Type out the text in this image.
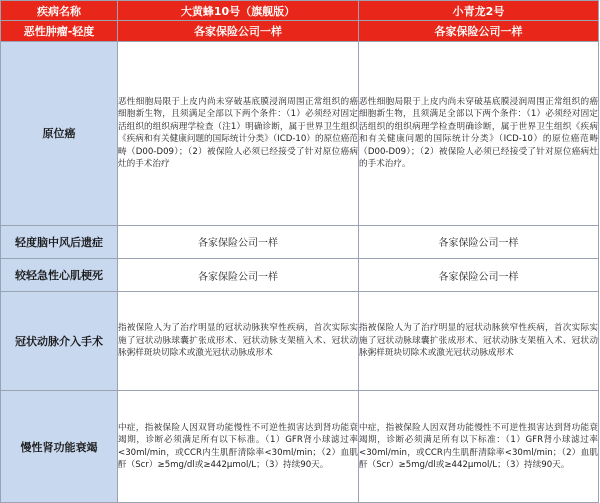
疾病名称	大黄蜂10号（旗舰版）	小青龙2号
恶性肿瘤-轻度	各家保险公司一样	各家保险公司一样
原位癌	恶性细胞局限于上皮内尚未穿破基底膜浸润周围正常组织的癌细胞新生物，且须满足全部以下两个条件：（1）必须经对固定活组织的组织病理学检查（注1）明确诊断，属于世界卫生组织《疾病和有关健康问题的国际统计分类》（ICD-10）的原位癌范畴（D00-D09）；（2）被保险人必须已经接受了针对原位癌病灶的手术治疗	恶性细胞局限于上皮内尚未穿破基底膜浸润周围正常组织的癌细胞新生物，且须满足全部以下两个条件：（1）必须经对固定活组织的组织病理学检查明确诊断，属于世界卫生组织《疾病和有关健康问题的国际统计分类》（ICD-10）的原位癌范畴（D00-D09）；（2）被保险人必须已经接受了针对原位癌病灶的手术治疗。
轻度脑中风后遗症	各家保险公司一样	各家保险公司一样
较轻急性心肌梗死	各家保险公司一样	各家保险公司一样
冠状动脉介入手术	指被保险人为了治疗明显的冠状动脉狭窄性疾病，首次实际实施了冠状动脉球囊扩张成形术、冠状动脉支架植入术、冠状动脉粥样斑块切除术或激光冠状动脉成形术	指被保险人为了治疗明显的冠状动脉狭窄性疾病，首次实际实施了冠状动脉球囊扩张成形术、冠状动脉支架植入术、冠状动脉粥样斑块切除术或激光冠状动脉成形术
慢性肾功能衰竭	中症，指被保险人因双肾功能慢性不可逆性损害达到肾功能衰竭期，诊断必须满足所有以下标准。（1）GFR肾小球滤过率<30ml/min，或CCR内生肌酐清除率<30ml/min；（2）血肌酐（Scr）≥5mg/dl或≥442μmol/L；（3）持续90天。	中症，指被保险人因双肾功能慢性不可逆性损害达到肾功能衰竭期，诊断必须满足所有以下标准：（1）GFR肾小球滤过率<30ml/min，或CCR内生肌酐清除率<30ml/min；（2）血肌酐（Scr）≥5mg/dl或≥442μmol/L；（3）持续90天。
